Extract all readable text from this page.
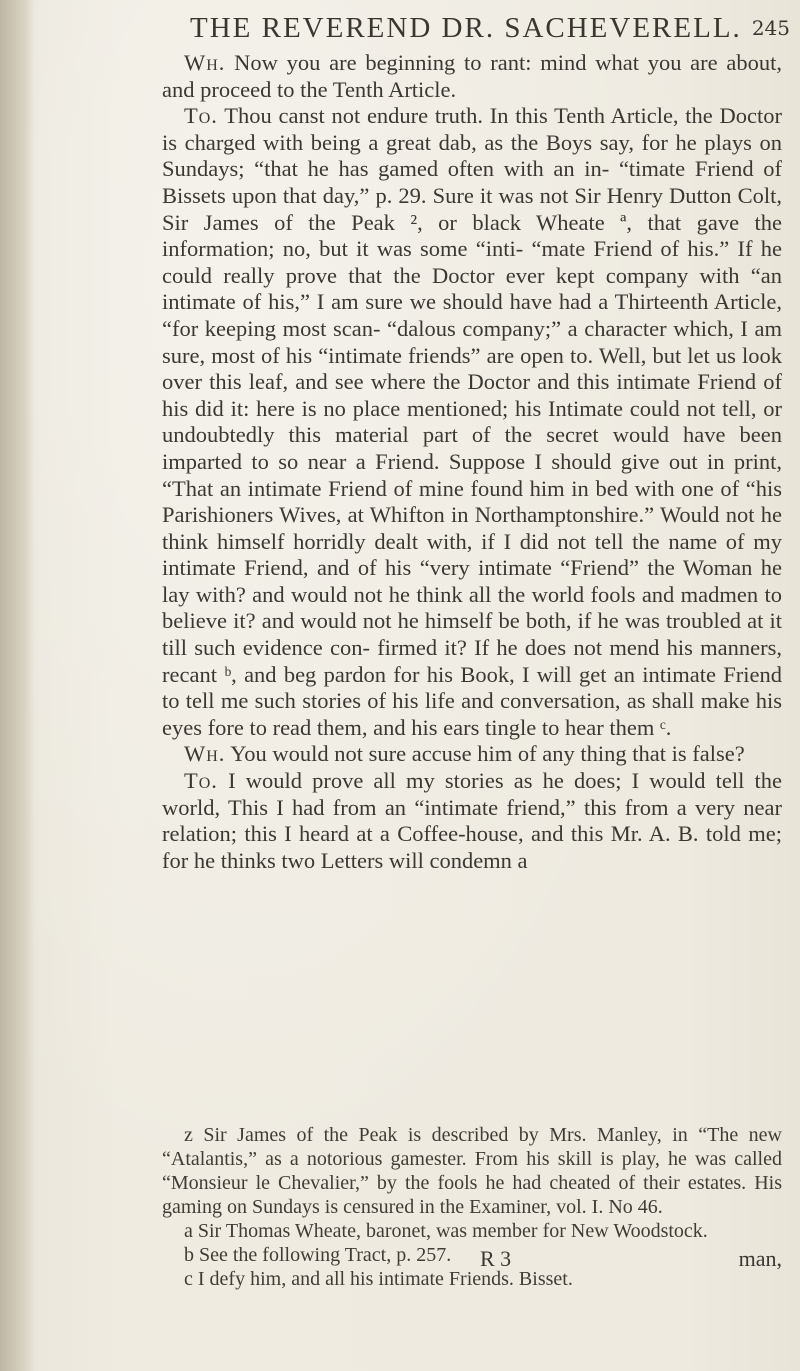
THE REVEREND DR. SACHEVERELL. 245

Wh. Now you are beginning to rant: mind what you are about, and proceed to the Tenth Article.

To. Thou canst not endure truth. In this Tenth Article, the Doctor is charged with being a great dab, as the Boys say, for he plays on Sundays; “that he has gamed often with an in- “timate Friend of Bissets upon that day,” p. 29. Sure it was not Sir Henry Dutton Colt, Sir James of the Peak ², or black Wheate ª, that gave the information; no, but it was some “inti- “mate Friend of his.” If he could really prove that the Doctor ever kept company with “an intimate of his,” I am sure we should have had a Thirteenth Article, “for keeping most scan- “dalous company;” a character which, I am sure, most of his “intimate friends” are open to. Well, but let us look over this leaf, and see where the Doctor and this intimate Friend of his did it: here is no place mentioned; his Intimate could not tell, or undoubtedly this material part of the secret would have been imparted to so near a Friend. Suppose I should give out in print, “That an intimate Friend of mine found him in bed with one of “his Parishioners Wives, at Whifton in Northamptonshire.” Would not he think himself horridly dealt with, if I did not tell the name of my intimate Friend, and of his “very intimate “Friend” the Woman he lay with? and would not he think all the world fools and madmen to believe it? and would not he himself be both, if he was troubled at it till such evidence con- firmed it? If he does not mend his manners, recant ᵇ, and beg pardon for his Book, I will get an intimate Friend to tell me such stories of his life and conversation, as shall make his eyes fore to read them, and his ears tingle to hear them ᶜ.

Wh. You would not sure accuse him of any thing that is false?

To. I would prove all my stories as he does; I would tell the world, This I had from an “intimate friend,” this from a very near relation; this I heard at a Coffee-house, and this Mr. A. B. told me; for he thinks two Letters will condemn a

z Sir James of the Peak is described by Mrs. Manley, in “The new “Atalantis,” as a notorious gamester. From his skill is play, he was called “Monsieur le Chevalier,” by the fools he had cheated of their estates. His gaming on Sundays is censured in the Examiner, vol. I. No 46.

a Sir Thomas Wheate, baronet, was member for New Woodstock.

b See the following Tract, p. 257.

c I defy him, and all his intimate Friends. Bisset.

R 3	man,
